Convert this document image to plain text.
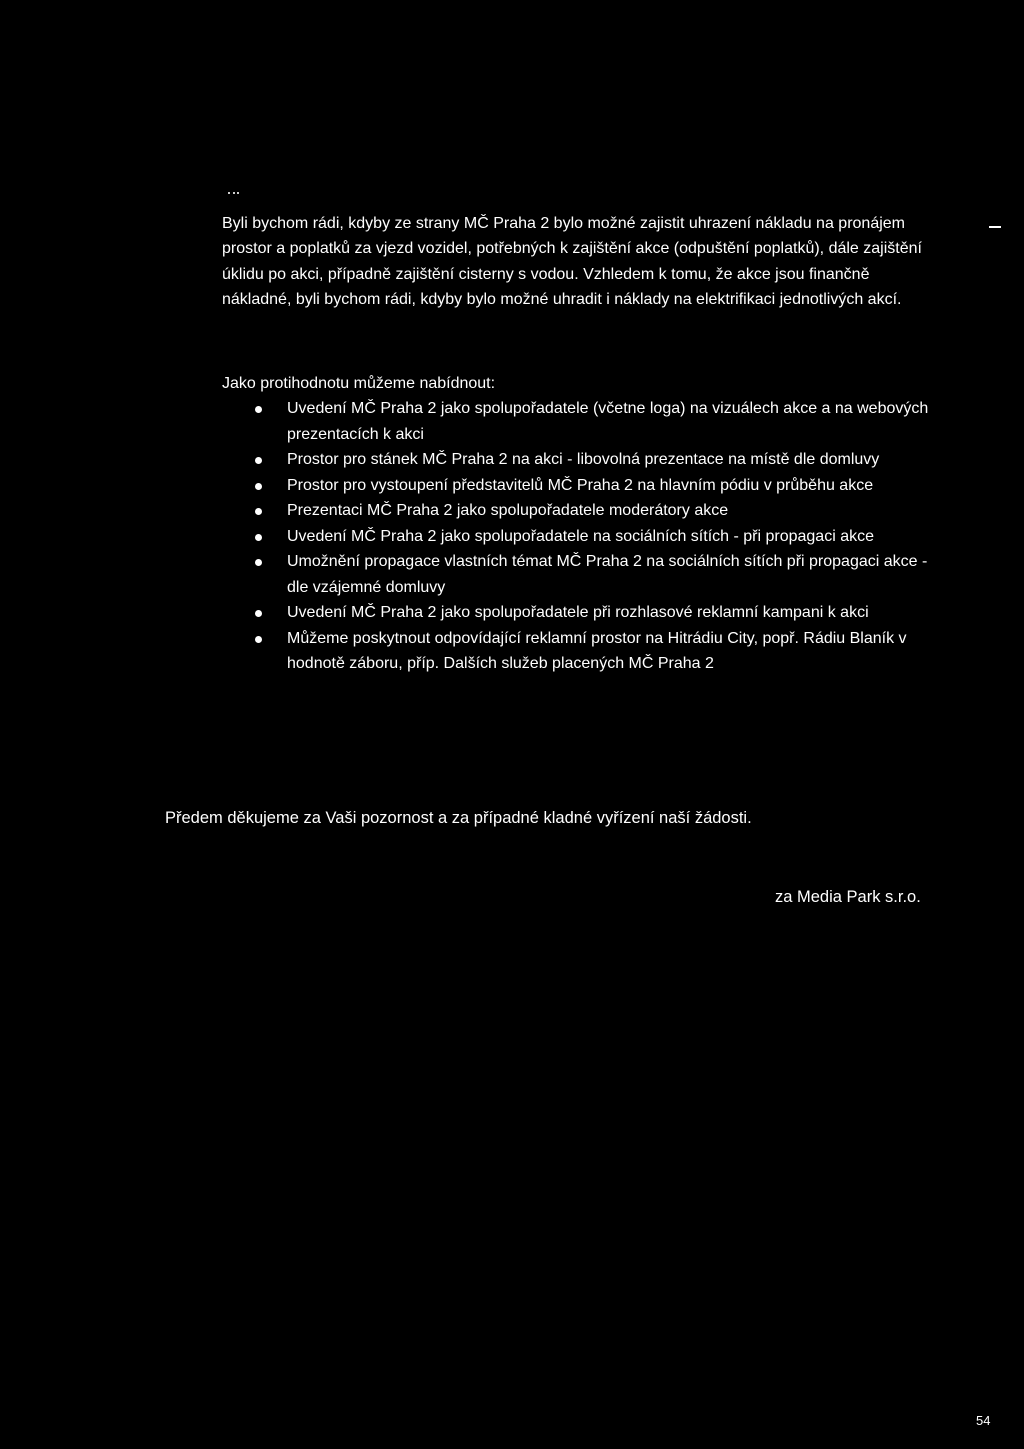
Byli bychom rádi, kdyby ze strany MČ Praha 2 bylo možné zajistit uhrazení nákladu na pronájem prostor a poplatků za vjezd vozidel, potřebných k zajištění akce (odpuštění poplatků), dále zajištění úklidu po akci, případně zajištění cisterny s vodou. Vzhledem k tomu, že akce jsou finančně nákladné, byli bychom rádi, kdyby bylo možné uhradit i náklady na elektrifikaci jednotlivých akcí.

Jako protihodnotu můžeme nabídnout:

Uvedení MČ Praha 2 jako spolupořadatele (včetne loga) na vizuálech akce a na webových prezentacích k akci
Prostor pro stánek MČ Praha 2 na akci - libovolná prezentace na místě dle domluvy
Prostor pro vystoupení představitelů MČ Praha 2 na hlavním pódiu v průběhu akce
Prezentaci MČ Praha 2 jako spolupořadatele moderátory akce
Uvedení MČ Praha 2 jako spolupořadatele na sociálních sítích - při propagaci akce
Umožnění propagace vlastních témat MČ Praha 2 na sociálních sítích při propagaci akce - dle vzájemné domluvy
Uvedení MČ Praha 2 jako spolupořadatele při rozhlasové reklamní kampani k akci
Můžeme poskytnout odpovídající reklamní prostor na Hitrádiu City, popř. Rádiu Blaník v hodnotě záboru, příp. Dalších služeb placených MČ Praha 2

Předem děkujeme za Vaši pozornost a za případné kladné vyřízení naší žádosti.

za Media Park s.r.o.

54
